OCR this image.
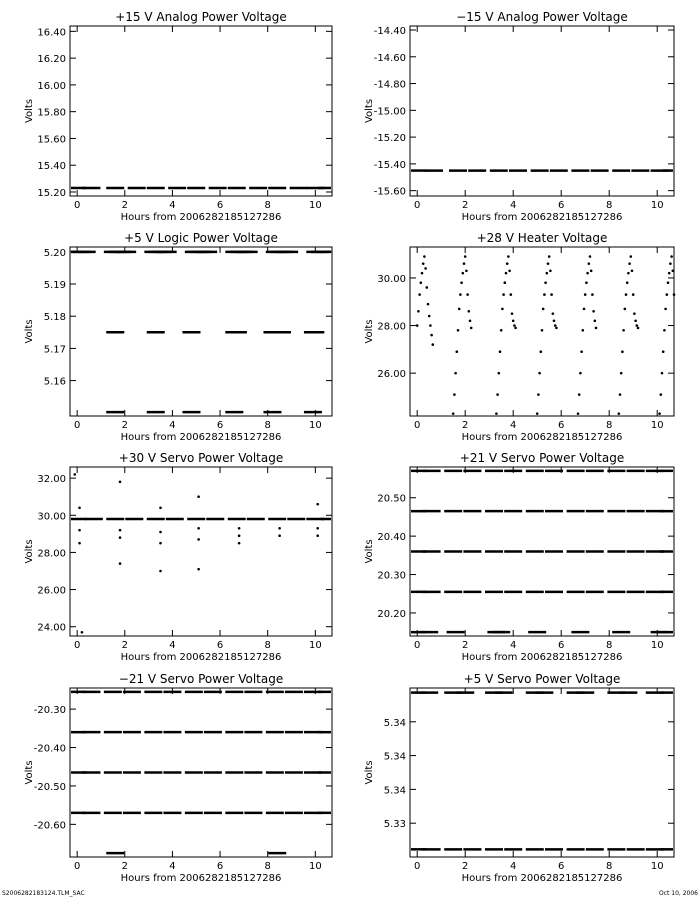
+15 V Analog Power Voltage
Hours from 2006282185127286
Volts
0	2	4	6	8	10
15.20
15.40
15.60
15.80
16.00
16.20
16.40
−15 V Analog Power Voltage
Hours from 2006282185127286
Volts
0	2	4	6	8	10
-14.40
-14.60
-14.80
-15.00
-15.20
-15.40
-15.60
+5 V Logic Power Voltage
Hours from 2006282185127286
Volts
0	2	4	6	8	10
5.16
5.17
5.18
5.19
5.20
+28 V Heater Voltage
Hours from 2006282185127286
Volts
0	2	4	6	8	10
26.00
28.00
30.00
+30 V Servo Power Voltage
Hours from 2006282185127286
Volts
0	2	4	6	8	10
24.00
26.00
28.00
30.00
32.00
+21 V Servo Power Voltage
Hours from 2006282185127286
Volts
0	2	4	6	8	10
20.20
20.30
20.40
20.50
−21 V Servo Power Voltage
Hours from 2006282185127286
Volts
0	2	4	6	8	10
-20.30
-20.40
-20.50
-20.60
+5 V Servo Power Voltage
Hours from 2006282185127286
Volts
0	2	4	6	8	10
5.33
5.34
5.34
5.34
S2006282183124.TLM_SAC	Oct 10, 2006
